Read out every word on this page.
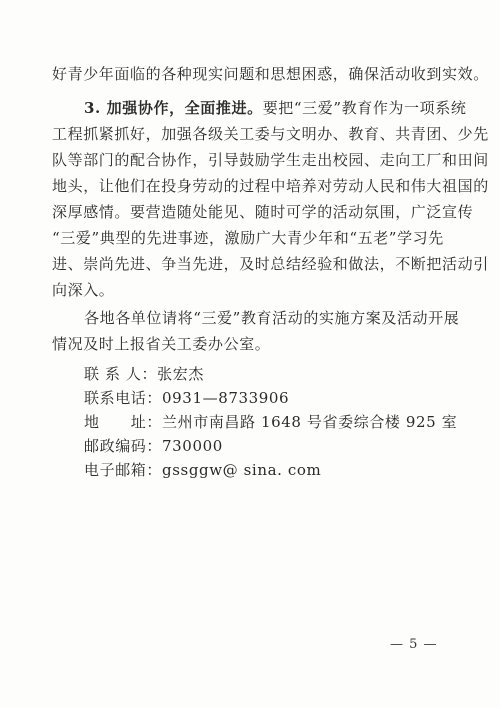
好青少年面临的各种现实问题和思想困惑，确保活动收到实效。
3. 加强协作，全面推进。要把“三爱”教育作为一项系统
工程抓紧抓好，加强各级关工委与文明办、教育、共青团、少先
队等部门的配合协作，引导鼓励学生走出校园、走向工厂和田间
地头，让他们在投身劳动的过程中培养对劳动人民和伟大祖国的
深厚感情。要营造随处能见、随时可学的活动氛围，广泛宣传
“三爱”典型的先进事迹，激励广大青少年和“五老”学习先
进、崇尚先进、争当先进，及时总结经验和做法，不断把活动引
向深入。
各地各单位请将“三爱”教育活动的实施方案及活动开展
情况及时上报省关工委办公室。
联 系 人：张宏杰
联系电话：0931—8733906
地　　址：兰州市南昌路 1648 号省委综合楼 925 室
邮政编码：730000
电子邮箱：gssggw@ sina. com
— 5 —
